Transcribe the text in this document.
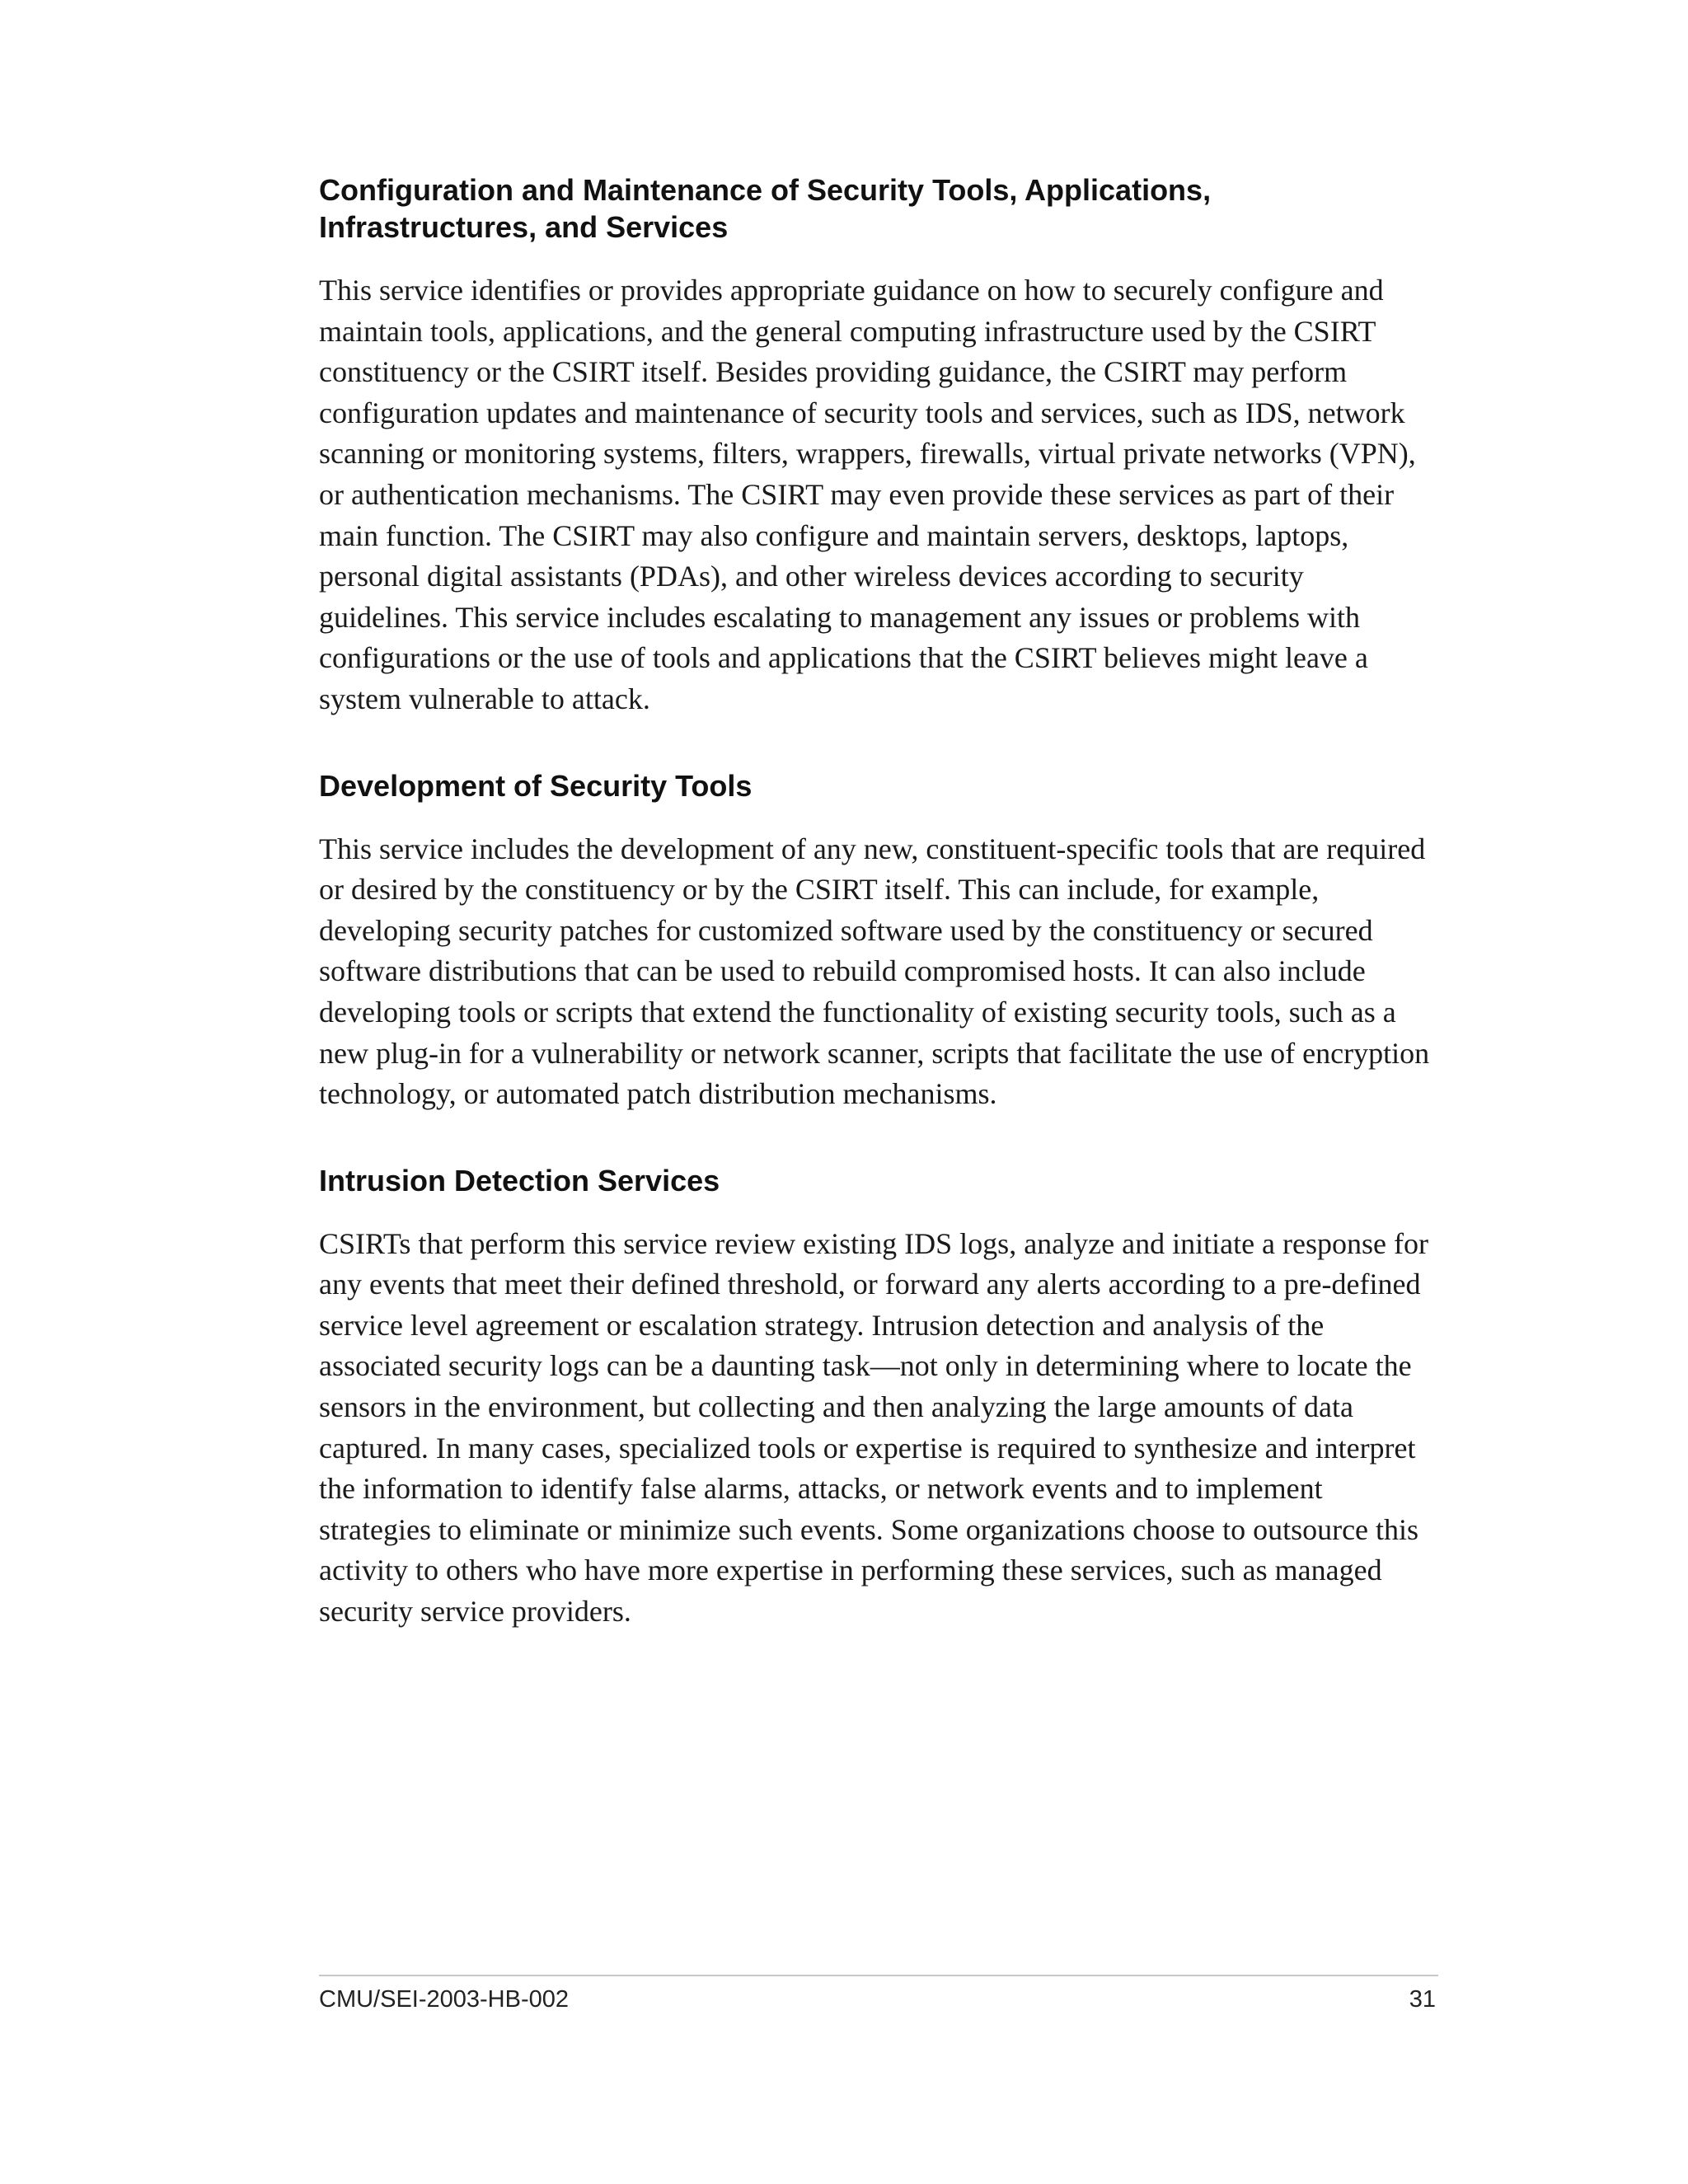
Configuration and Maintenance of Security Tools, Applications,
Infrastructures, and Services

This service identifies or provides appropriate guidance on how to securely configure and
maintain tools, applications, and the general computing infrastructure used by the CSIRT
constituency or the CSIRT itself. Besides providing guidance, the CSIRT may perform
configuration updates and maintenance of security tools and services, such as IDS, network
scanning or monitoring systems, filters, wrappers, firewalls, virtual private networks (VPN),
or authentication mechanisms. The CSIRT may even provide these services as part of their
main function. The CSIRT may also configure and maintain servers, desktops, laptops,
personal digital assistants (PDAs), and other wireless devices according to security
guidelines. This service includes escalating to management any issues or problems with
configurations or the use of tools and applications that the CSIRT believes might leave a
system vulnerable to attack.

Development of Security Tools

This service includes the development of any new, constituent-specific tools that are required
or desired by the constituency or by the CSIRT itself. This can include, for example,
developing security patches for customized software used by the constituency or secured
software distributions that can be used to rebuild compromised hosts. It can also include
developing tools or scripts that extend the functionality of existing security tools, such as a
new plug-in for a vulnerability or network scanner, scripts that facilitate the use of encryption
technology, or automated patch distribution mechanisms.

Intrusion Detection Services

CSIRTs that perform this service review existing IDS logs, analyze and initiate a response for
any events that meet their defined threshold, or forward any alerts according to a pre-defined
service level agreement or escalation strategy. Intrusion detection and analysis of the
associated security logs can be a daunting task—not only in determining where to locate the
sensors in the environment, but collecting and then analyzing the large amounts of data
captured. In many cases, specialized tools or expertise is required to synthesize and interpret
the information to identify false alarms, attacks, or network events and to implement
strategies to eliminate or minimize such events. Some organizations choose to outsource this
activity to others who have more expertise in performing these services, such as managed
security service providers.

CMU/SEI-2003-HB-002	31
